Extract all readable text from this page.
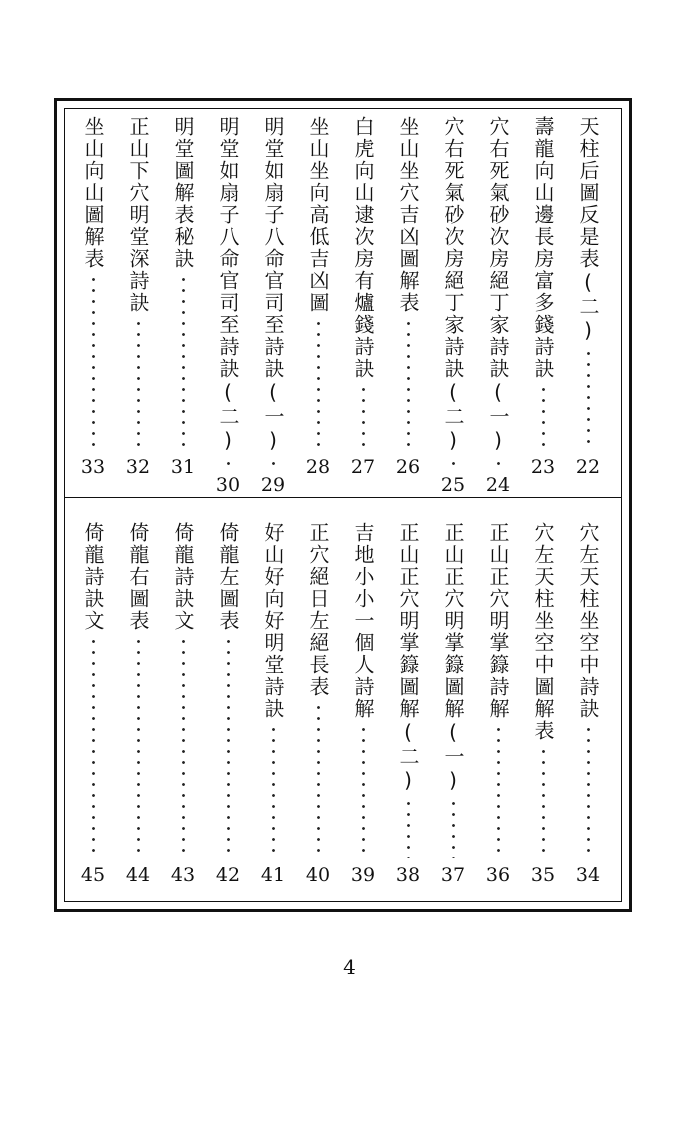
天柱后圖反是表(二)
22
壽龍向山邊長房富多錢詩訣
23
穴右死氣砂次房絕丁家詩訣(一)
24
穴右死氣砂次房絕丁家詩訣(二)
25
坐山坐穴吉凶圖解表
26
白虎向山逮次房有爐錢詩訣
27
坐山坐向高低吉凶圖
28
明堂如扇子八命官司至詩訣(一)
29
明堂如扇子八命官司至詩訣(二)
30
明堂圖解表秘訣
31
正山下穴明堂深詩訣
32
坐山向山圖解表
33
穴左天柱坐空中詩訣
34
穴左天柱坐空中圖解表
35
正山正穴明掌籙詩解
36
正山正穴明掌籙圖解(一)
37
正山正穴明掌籙圖解(二)
38
吉地小小一個人詩解
39
正穴絕日左絕長表
40
好山好向好明堂詩訣
41
倚龍左圖表
42
倚龍詩訣文
43
倚龍右圖表
44
倚龍詩訣文
45
4
